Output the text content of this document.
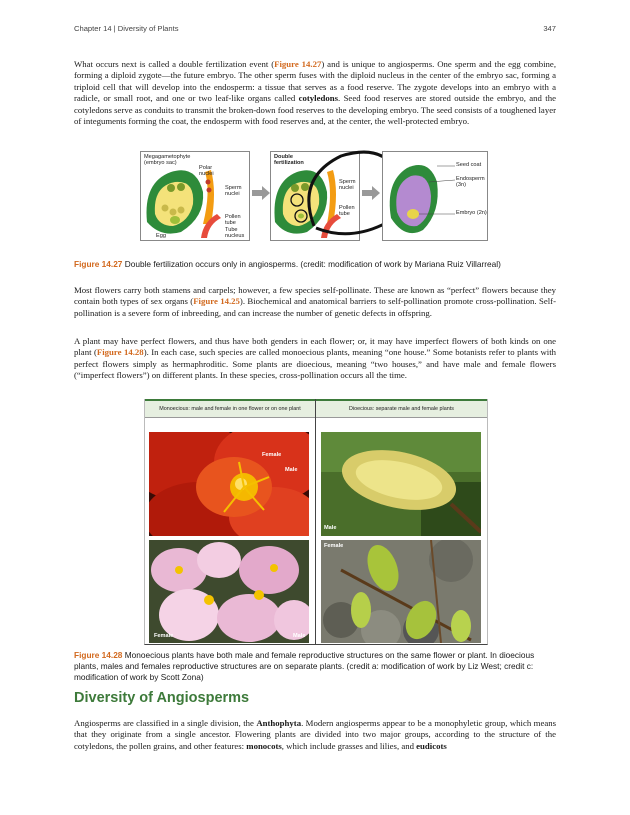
Chapter 14 | Diversity of Plants	347

What occurs next is called a double fertilization event (Figure 14.27) and is unique to angiosperms. One sperm and the egg combine, forming a diploid zygote—the future embryo. The other sperm fuses with the diploid nucleus in the center of the embryo sac, forming a triploid cell that will develop into the endosperm: a tissue that serves as a food reserve. The zygote develops into an embryo with a radicle, or small root, and one or two leaf-like organs called cotyledons. Seed food reserves are stored outside the embryo, and the cotyledons serve as conduits to transmit the broken-down food reserves to the developing embryo. The seed consists of a toughened layer of integuments forming the coat, the endosperm with food reserves and, at the center, the well-protected embryo.

Megagametophyte
(embryo sac)
Polar
nuclei
Sperm
nuclei
Pollen
tube
Tube
nucleus
Egg
Double
fertilization
Sperm
nuclei
Pollen
tube
Seed coat
Endosperm (3n)
Embryo (2n)

Figure 14.27 Double fertilization occurs only in angiosperms. (credit: modification of work by Mariana Ruiz Villarreal)

Most flowers carry both stamens and carpels; however, a few species self-pollinate. These are known as “perfect” flowers because they contain both types of sex organs (Figure 14.25). Biochemical and anatomical barriers to self-pollination promote cross-pollination. Self-pollination is a severe form of inbreeding, and can increase the number of genetic defects in offspring.

A plant may have perfect flowers, and thus have both genders in each flower; or, it may have imperfect flowers of both kinds on one plant (Figure 14.28). In each case, such species are called monoecious plants, meaning “one house.” Some botanists refer to plants with perfect flowers simply as hermaphroditic. Some plants are dioecious, meaning “two houses,” and have male and female flowers (“imperfect flowers”) on different plants. In these species, cross-pollination occurs all the time.

Monoecious: male and female in one flower or on one plant	Dioecious: separate male and female plants
Female
Male
Male
Female	Male
Female

Figure 14.28 Monoecious plants have both male and female reproductive structures on the same flower or plant. In dioecious plants, males and females reproductive structures are on separate plants. (credit a: modification of work by Liz West; credit c: modification of work by Scott Zona)

Diversity of Angiosperms

Angiosperms are classified in a single division, the Anthophyta. Modern angiosperms appear to be a monophyletic group, which means that they originate from a single ancestor. Flowering plants are divided into two major groups, according to the structure of the cotyledons, the pollen grains, and other features: monocots, which include grasses and lilies, and eudicots
